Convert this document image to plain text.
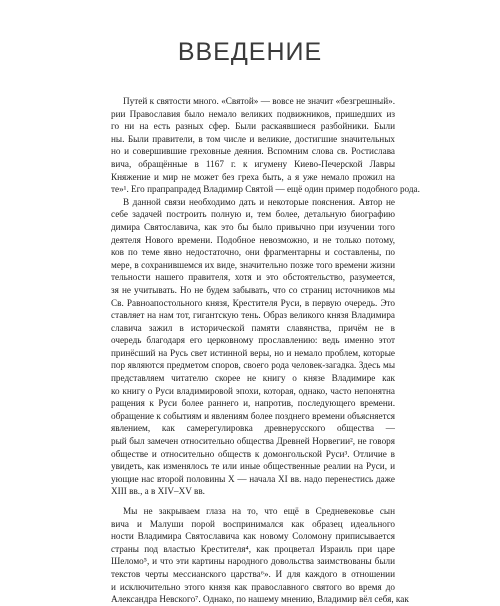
ВВЕДЕНИЕ
Путей к святости много. «Святой» — вовсе не значит «безгрешный».
рии Православия было немало великих подвижников, пришедших из
го ни на есть разных сфер. Были раскаявшиеся разбойники. Были
ны. Были правители, в том числе и великие, достигшие значительных
но и совершившие греховные деяния. Вспомним слова св. Ростислава
вича, обращённые в 1167 г. к игумену Киево-Печерской Лавры
Княжение и мир не может без греха быть, а я уже немало прожил на
те»¹. Его прапрапрадед Владимир Святой — ещё один пример подобного рода.
В данной связи необходимо дать и некоторые пояснения. Автор не
себе задачей построить полную и, тем более, детальную биографию
димира Святославича, как это бы было привычно при изучении того
деятеля Нового времени. Подобное невозможно, и не только потому,
ков по теме явно недостаточно, они фрагментарны и составлены, по
мере, в сохранившемся их виде, значительно позже того времени жизни
тельности нашего правителя, хотя и это обстоятельство, разумеется,
зя не учитывать. Но не будем забывать, что со страниц источников мы
Св. Равноапостольного князя, Крестителя Руси, в первую очередь. Это
ставляет на нам тот, гигантскую тень. Образ великого князя Владимира
славича зажил в исторической памяти славянства, причём не в
очередь благодаря его церковному прославлению: ведь именно этот
принёсший на Русь свет истинной веры, но и немало проблем, которые
пор являются предметом споров, своего рода человек-загадка. Здесь мы
представляем читателю скорее не книгу о князе Владимире как
ко книгу о Руси владимировой эпохи, которая, однако, часто непонятна
ращения к Руси более раннего и, напротив, последующего времени.
обращение к событиям и явлениям более позднего времени объясняется
явлением, как самерегулировка древнерусского общества —
рый был замечен относительно общества Древней Норвегии², не говоря
обществе и относительно обществ к домонгольской Руси³. Отличие в
увидеть, как изменялось те или иные общественные реалии на Руси, и
ующие нас второй половины X — начала XI вв. надо перенестись даже
XIII вв., а в XIV–XV вв.
Мы не закрываем глаза на то, что ещё в Средневековье сын
вича и Малуши порой воспринимался как образец идеального
ности Владимира Святославича как новому Соломону приписывается
страны под властью Крестителя⁴, как процветал Израиль при царе
Шеломо⁵, и что эти картины народного довольства заимствованы были
текстов черты мессианского царства⁶». И для каждого в отношении
и исключительно этого князя как православного святого во время до
Александра Невского⁷. Однако, по нашему мнению, Владимир вёл себя, как
